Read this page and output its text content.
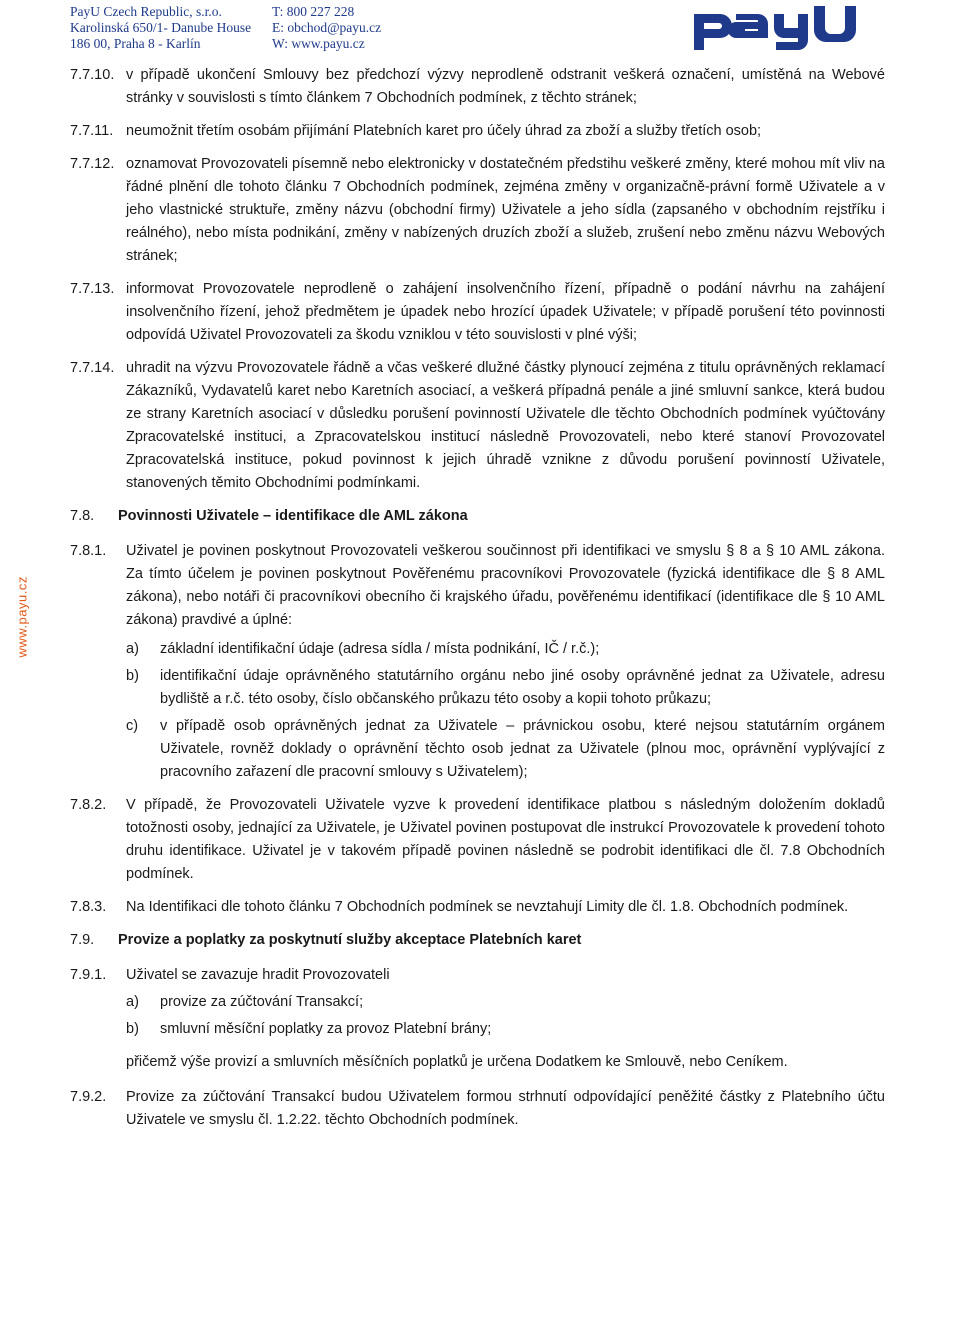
PayU Czech Republic, s.r.o.
Karolinská 650/1- Danube House
186 00, Praha 8 - Karlín
T: 800 227 228
E: obchod@payu.cz
W: www.payu.cz
www.payu.cz
7.7.10. v případě ukončení Smlouvy bez předchozí výzvy neprodleně odstranit veškerá označení, umístěná na Webové stránky v souvislosti s tímto článkem 7 Obchodních podmínek, z těchto stránek;
7.7.11. neumožnit třetím osobám přijímání Platebních karet pro účely úhrad za zboží a služby třetích osob;
7.7.12. oznamovat Provozovateli písemně nebo elektronicky v dostatečném předstihu veškeré změny, které mohou mít vliv na řádné plnění dle tohoto článku 7 Obchodních podmínek, zejména změny v organizačně-právní formě Uživatele a v jeho vlastnické struktuře, změny názvu (obchodní firmy) Uživatele a jeho sídla (zapsaného v obchodním rejstříku i reálného), nebo místa podnikání, změny v nabízených druzích zboží a služeb, zrušení nebo změnu názvu Webových stránek;
7.7.13. informovat Provozovatele neprodleně o zahájení insolvenčního řízení, případně o podání návrhu na zahájení insolvenčního řízení, jehož předmětem je úpadek nebo hrozící úpadek Uživatele; v případě porušení této povinnosti odpovídá Uživatel Provozovateli za škodu vzniklou v této souvislosti v plné výši;
7.7.14. uhradit na výzvu Provozovatele řádně a včas veškeré dlužné částky plynoucí zejména z titulu oprávněných reklamací Zákazníků, Vydavatelů karet nebo Karetních asociací, a veškerá případná penále a jiné smluvní sankce, která budou ze strany Karetních asociací v důsledku porušení povinností Uživatele dle těchto Obchodních podmínek vyúčtovány Zpracovatelské instituci, a Zpracovatelskou institucí následně Provozovateli, nebo které stanoví Provozovatel Zpracovatelská instituce, pokud povinnost k jejich úhradě vznikne z důvodu porušení povinností Uživatele, stanovených těmito Obchodními podmínkami.
7.8.	Povinnosti Uživatele – identifikace dle AML zákona
7.8.1.	Uživatel je povinen poskytnout Provozovateli veškerou součinnost při identifikaci ve smyslu § 8 a § 10 AML zákona. Za tímto účelem je povinen poskytnout Pověřenému pracovníkovi Provozovatele (fyzická identifikace dle § 8 AML zákona), nebo notáři či pracovníkovi obecního či krajského úřadu, pověřenému identifikací (identifikace dle § 10 AML zákona) pravdivé a úplné:
a)	základní identifikační údaje (adresa sídla / místa podnikání, IČ / r.č.);
b)	identifikační údaje oprávněného statutárního orgánu nebo jiné osoby oprávněné jednat za Uživatele, adresu bydliště a r.č. této osoby, číslo občanského průkazu této osoby a kopii tohoto průkazu;
c)	v případě osob oprávněných jednat za Uživatele – právnickou osobu, které nejsou statutárním orgánem Uživatele, rovněž doklady o oprávnění těchto osob jednat za Uživatele (plnou moc, oprávnění vyplývající z pracovního zařazení dle pracovní smlouvy s Uživatelem);
7.8.2.	V případě, že Provozovateli Uživatele vyzve k provedení identifikace platbou s následným doložením dokladů totožnosti osoby, jednající za Uživatele, je Uživatel povinen postupovat dle instrukcí Provozovatele k provedení tohoto druhu identifikace. Uživatel je v takovém případě povinen následně se podrobit identifikaci dle čl. 7.8 Obchodních podmínek.
7.8.3.	Na Identifikaci dle tohoto článku 7 Obchodních podmínek se nevztahují Limity dle čl. 1.8. Obchodních podmínek.
7.9.	Provize a poplatky za poskytnutí služby akceptace Platebních karet
7.9.1.	Uživatel se zavazuje hradit Provozovateli
a)	provize za zúčtování Transakcí;
b)	smluvní měsíční poplatky za provoz Platební brány;
přičemž výše provizí a smluvních měsíčních poplatků je určena Dodatkem ke Smlouvě, nebo Ceníkem.
7.9.2.	Provize za zúčtování Transakcí budou Uživatelem formou strhnutí odpovídající peněžité částky z Platebního účtu Uživatele ve smyslu čl. 1.2.22. těchto Obchodních podmínek.
